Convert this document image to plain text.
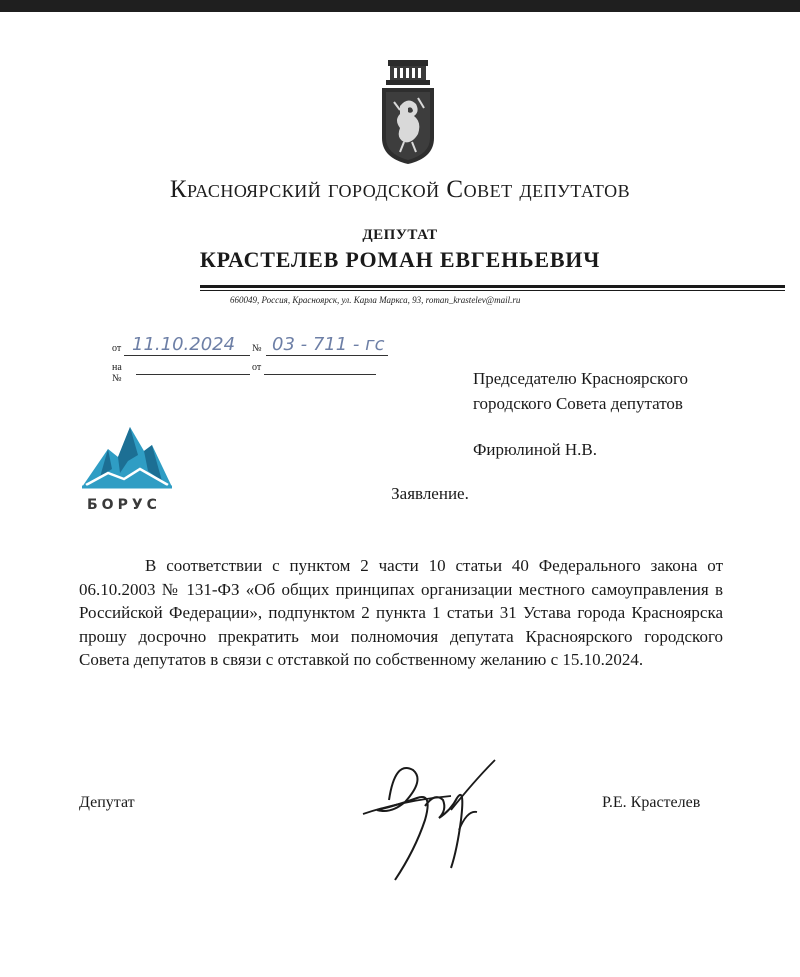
Красноярский городской Совет депутатов
ДЕПУТАТ
КРАСТЕЛЕВ РОМАН ЕВГЕНЬЕВИЧ
660049, Россия, Красноярск, ул. Карла Маркса, 93, roman_krastelev@mail.ru
от 11.10.2024 № 03 - 711 - гс
на №
от
Председателю Красноярского
городского Совета депутатов
Фирюлиной Н.В.
БОРУС
Заявление.
В соответствии с пунктом 2 части 10 статьи 40 Федерального закона от 06.10.2003 № 131-ФЗ «Об общих принципах организации местного самоуправления в Российской Федерации», подпунктом 2 пункта 1 статьи 31 Устава города Красноярска прошу досрочно прекратить мои полномочия депутата Красноярского городского Совета депутатов в связи с отставкой по собственному желанию с 15.10.2024.
Депутат	Р.Е. Крастелев
